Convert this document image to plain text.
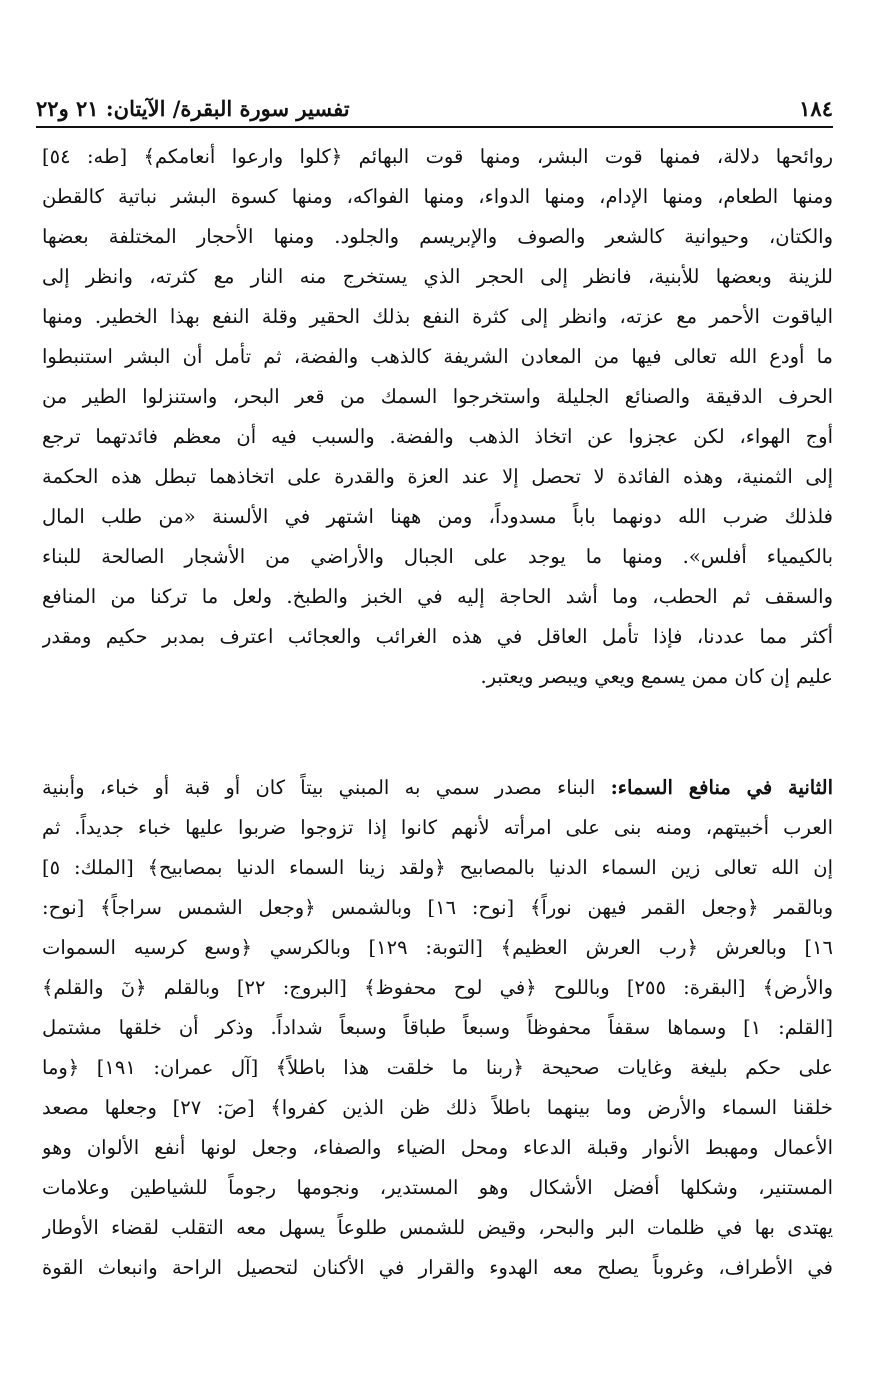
١٨٤
تفسير سورة البقرة/ الآيتان: ٢١ و٢٢
روائحها دلالة، فمنها قوت البشر، ومنها قوت البهائم ﴿كلوا وارعوا أنعامكم﴾ [طه: ٥٤]
ومنها الطعام، ومنها الإدام، ومنها الدواء، ومنها الفواكه، ومنها كسوة البشر نباتية كالقطن
والكتان، وحيوانية كالشعر والصوف والإبريسم والجلود. ومنها الأحجار المختلفة بعضها
للزينة وبعضها للأبنية، فانظر إلى الحجر الذي يستخرج منه النار مع كثرته، وانظر إلى
الياقوت الأحمر مع عزته، وانظر إلى كثرة النفع بذلك الحقير وقلة النفع بهذا الخطير. ومنها
ما أودع الله تعالى فيها من المعادن الشريفة كالذهب والفضة، ثم تأمل أن البشر استنبطوا
الحرف الدقيقة والصنائع الجليلة واستخرجوا السمك من قعر البحر، واستنزلوا الطير من
أوج الهواء، لكن عجزوا عن اتخاذ الذهب والفضة. والسبب فيه أن معظم فائدتهما ترجع
إلى الثمنية، وهذه الفائدة لا تحصل إلا عند العزة والقدرة على اتخاذهما تبطل هذه الحكمة
فلذلك ضرب الله دونهما باباً مسدوداً، ومن ههنا اشتهر في الألسنة «من طلب المال
بالكيمياء أفلس». ومنها ما يوجد على الجبال والأراضي من الأشجار الصالحة للبناء
والسقف ثم الحطب، وما أشد الحاجة إليه في الخبز والطبخ. ولعل ما تركنا من المنافع
أكثر مما عددنا، فإذا تأمل العاقل في هذه الغرائب والعجائب اعترف بمدبر حكيم ومقدر
عليم إن كان ممن يسمع ويعي ويبصر ويعتبر.
الثانية في منافع السماء: البناء مصدر سمي به المبني بيتاً كان أو قبة أو خباء، وأبنية
العرب أخبيتهم، ومنه بنى على امرأته لأنهم كانوا إذا تزوجوا ضربوا عليها خباء جديداً. ثم
إن الله تعالى زين السماء الدنيا بالمصابيح ﴿ولقد زينا السماء الدنيا بمصابيح﴾ [الملك: ٥]
وبالقمر ﴿وجعل القمر فيهن نوراً﴾ [نوح: ١٦] وبالشمس ﴿وجعل الشمس سراجاً﴾ [نوح:
١٦] وبالعرش ﴿رب العرش العظيم﴾ [التوبة: ١٢٩] وبالكرسي ﴿وسع كرسيه السموات
والأرض﴾ [البقرة: ٢٥٥] وباللوح ﴿في لوح محفوظ﴾ [البروج: ٢٢] وبالقلم ﴿نٓ والقلم﴾
[القلم: ١] وسماها سقفاً محفوظاً وسبعاً طباقاً وسبعاً شداداً. وذكر أن خلقها مشتمل
على حكم بليغة وغايات صحيحة ﴿ربنا ما خلقت هذا باطلاً﴾ [آل عمران: ١٩١] ﴿وما
خلقنا السماء والأرض وما بينهما باطلاً ذلك ظن الذين كفروا﴾ [صٓ: ٢٧] وجعلها مصعد
الأعمال ومهبط الأنوار وقبلة الدعاء ومحل الضياء والصفاء، وجعل لونها أنفع الألوان وهو
المستنير، وشكلها أفضل الأشكال وهو المستدير، ونجومها رجوماً للشياطين وعلامات
يهتدى بها في ظلمات البر والبحر، وقيض للشمس طلوعاً يسهل معه التقلب لقضاء الأوطار
في الأطراف، وغروباً يصلح معه الهدوء والقرار في الأكنان لتحصيل الراحة وانبعاث القوة
